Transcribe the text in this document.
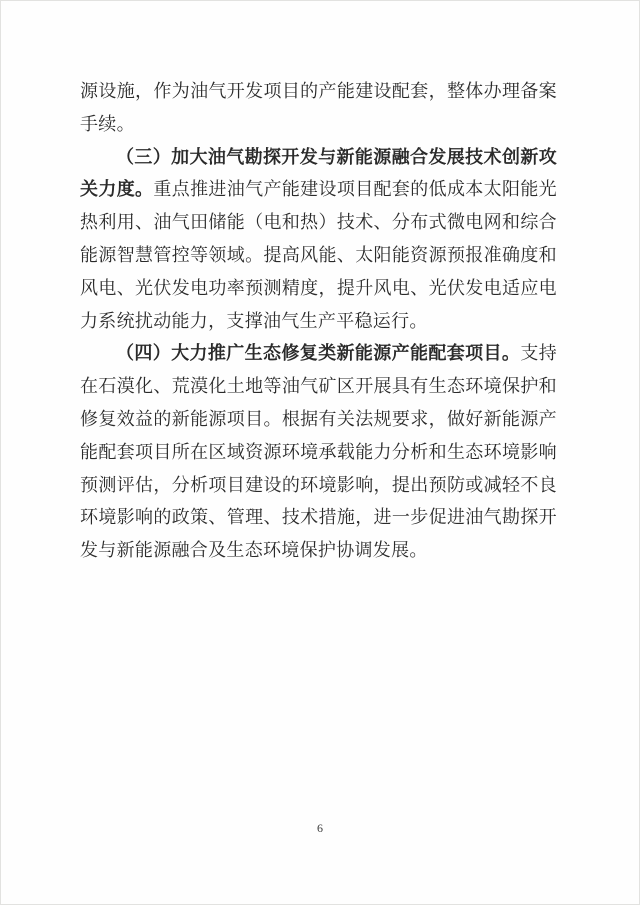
源设施，作为油气开发项目的产能建设配套，整体办理备案手续。

（三）加大油气勘探开发与新能源融合发展技术创新攻关力度。重点推进油气产能建设项目配套的低成本太阳能光热利用、油气田储能（电和热）技术、分布式微电网和综合能源智慧管控等领域。提高风能、太阳能资源预报准确度和风电、光伏发电功率预测精度，提升风电、光伏发电适应电力系统扰动能力，支撑油气生产平稳运行。

（四）大力推广生态修复类新能源产能配套项目。支持在石漠化、荒漠化土地等油气矿区开展具有生态环境保护和修复效益的新能源项目。根据有关法规要求，做好新能源产能配套项目所在区域资源环境承载能力分析和生态环境影响预测评估，分析项目建设的环境影响，提出预防或减轻不良环境影响的政策、管理、技术措施，进一步促进油气勘探开发与新能源融合及生态环境保护协调发展。

6
